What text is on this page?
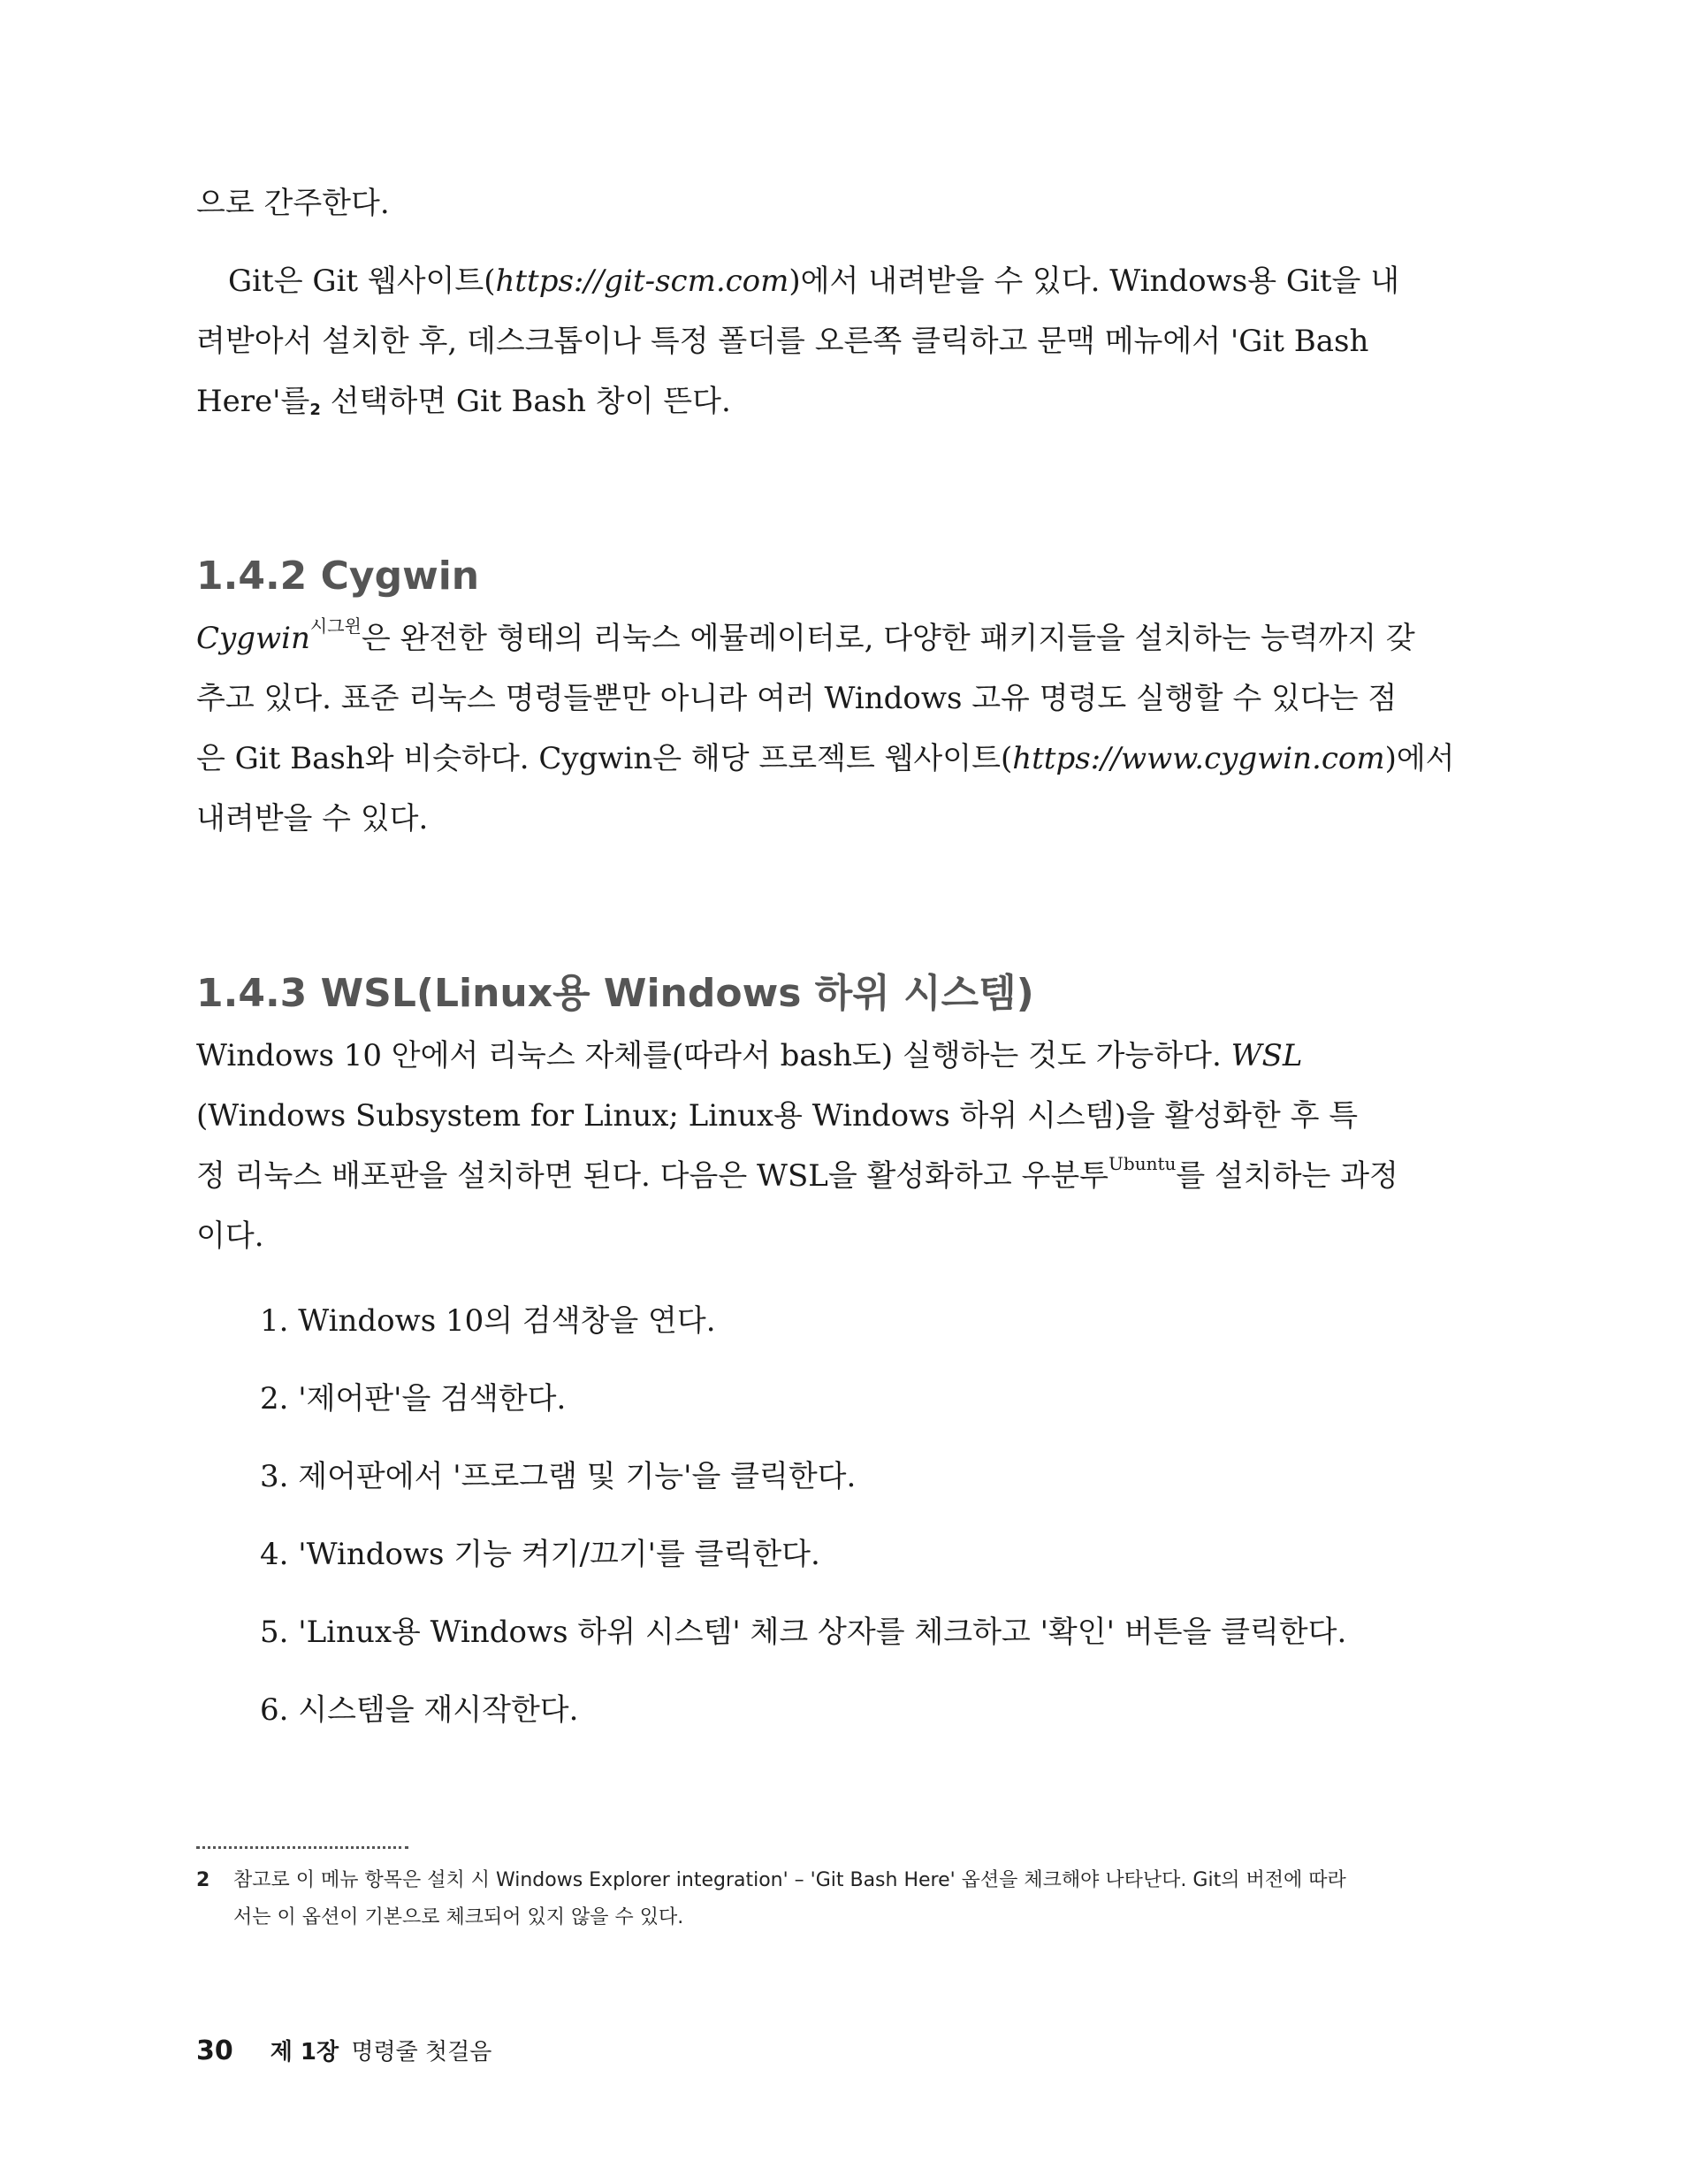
으로 간주한다.

Git은 Git 웹사이트(https://git-scm.com)에서 내려받을 수 있다. Windows용 Git을 내
려받아서 설치한 후, 데스크톱이나 특정 폴더를 오른쪽 클릭하고 문맥 메뉴에서 'Git Bash
Here'를$^2$ 선택하면 Git Bash 창이 뜬다.

1.4.2 Cygwin

Cygwin$^{시그윈}$은 완전한 형태의 리눅스 에뮬레이터로, 다양한 패키지들을 설치하는 능력까지 갖
추고 있다. 표준 리눅스 명령들뿐만 아니라 여러 Windows 고유 명령도 실행할 수 있다는 점
은 Git Bash와 비슷하다. Cygwin은 해당 프로젝트 웹사이트(https://www.cygwin.com)에서
내려받을 수 있다.

1.4.3 WSL(Linux용 Windows 하위 시스템)

Windows 10 안에서 리눅스 자체를(따라서 bash도) 실행하는 것도 가능하다. WSL
(Windows Subsystem for Linux; Linux용 Windows 하위 시스템)을 활성화한 후 특
정 리눅스 배포판을 설치하면 된다. 다음은 WSL을 활성화하고 우분투$^{Ubuntu}$를 설치하는 과정
이다.

1. Windows 10의 검색창을 연다.
2. '제어판'을 검색한다.
3. 제어판에서 '프로그램 및 기능'을 클릭한다.
4. 'Windows 기능 켜기/끄기'를 클릭한다.
5. 'Linux용 Windows 하위 시스템' 체크 상자를 체크하고 '확인' 버튼을 클릭한다.
6. 시스템을 재시작한다.
2 참고로 이 메뉴 항목은 설치 시 Windows Explorer integration' – 'Git Bash Here' 옵션을 체크해야 나타난다. Git의 버전에 따라
서는 이 옵션이 기본으로 체크되어 있지 않을 수 있다.
30 제 1장 명령줄 첫걸음
